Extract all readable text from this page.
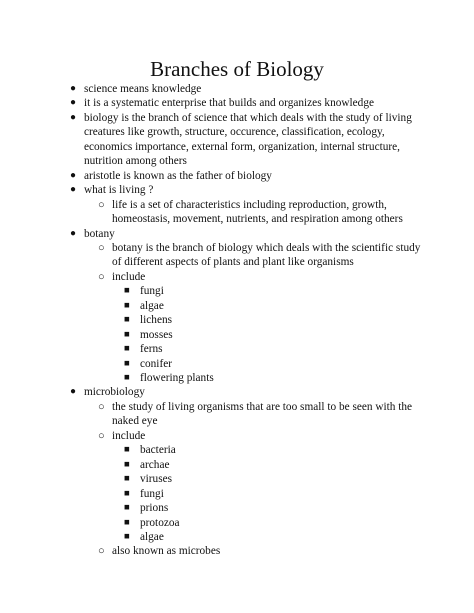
Branches of Biology
● science means knowledge
● it is a systematic enterprise that builds and organizes knowledge
● biology is the branch of science that which deals with the study of living
creatures like growth, structure, occurence, classification, ecology,
economics importance, external form, organization, internal structure,
nutrition among others
● aristotle is known as the father of biology
● what is living ?
○ life is a set of characteristics including reproduction, growth,
homeostasis, movement, nutrients, and respiration among others
● botany
○ botany is the branch of biology which deals with the scientific study
of different aspects of plants and plant like organisms
○ include
■ fungi
■ algae
■ lichens
■ mosses
■ ferns
■ conifer
■ flowering plants
● microbiology
○ the study of living organisms that are too small to be seen with the
naked eye
○ include
■ bacteria
■ archae
■ viruses
■ fungi
■ prions
■ protozoa
■ algae
○ also known as microbes
